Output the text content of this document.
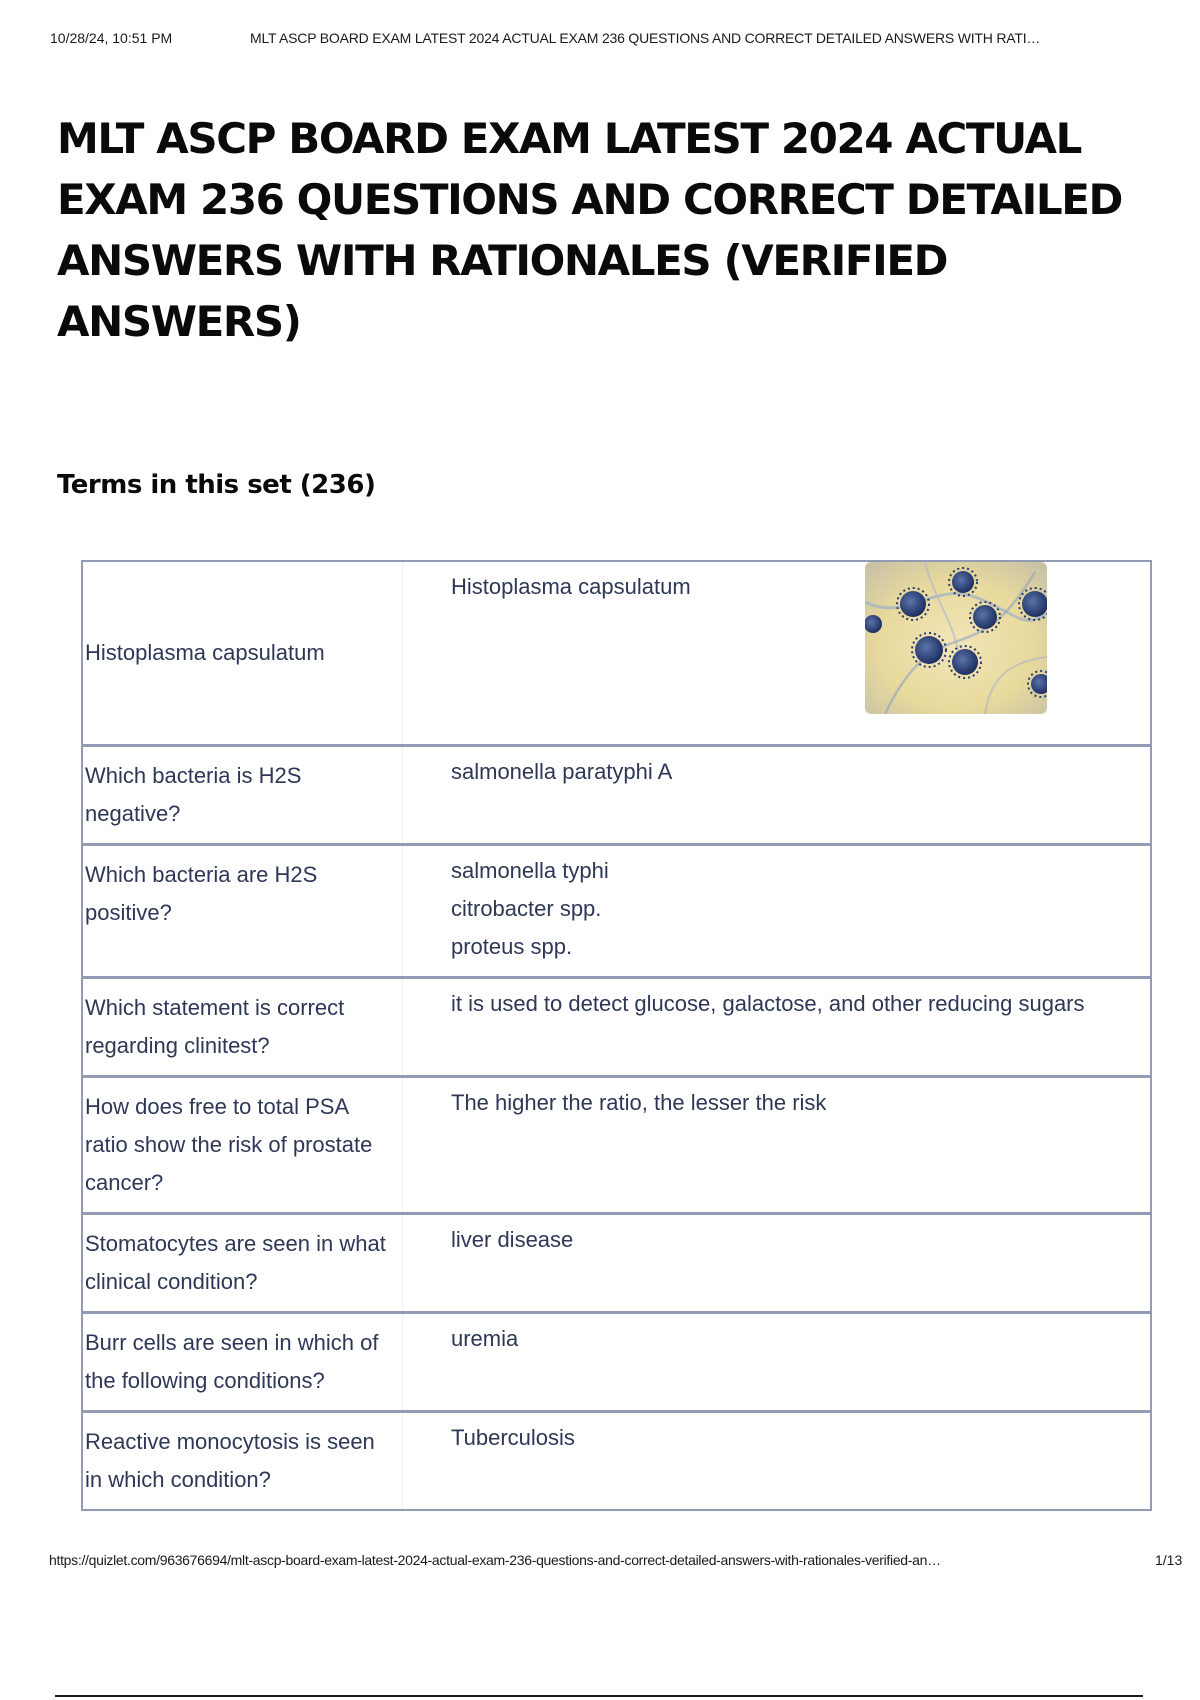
10/28/24, 10:51 PM	MLT ASCP BOARD EXAM LATEST 2024 ACTUAL EXAM 236 QUESTIONS AND CORRECT DETAILED ANSWERS WITH RATI…
MLT ASCP BOARD EXAM LATEST 2024 ACTUAL EXAM 236 QUESTIONS AND CORRECT DETAILED ANSWERS WITH RATIONALES (VERIFIED ANSWERS)
Terms in this set (236)
Histoplasma capsulatum
Histoplasma capsulatum
Which bacteria is H2S negative?
salmonella paratyphi A
Which bacteria are H2S positive?
salmonella typhi
citrobacter spp.
proteus spp.
Which statement is correct regarding clinitest?
it is used to detect glucose, galactose, and other reducing sugars
How does free to total PSA ratio show the risk of prostate cancer?
The higher the ratio, the lesser the risk
Stomatocytes are seen in what clinical condition?
liver disease
Burr cells are seen in which of the following conditions?
uremia
Reactive monocytosis is seen in which condition?
Tuberculosis
https://quizlet.com/963676694/mlt-ascp-board-exam-latest-2024-actual-exam-236-questions-and-correct-detailed-answers-with-rationales-verified-an…	1/13
